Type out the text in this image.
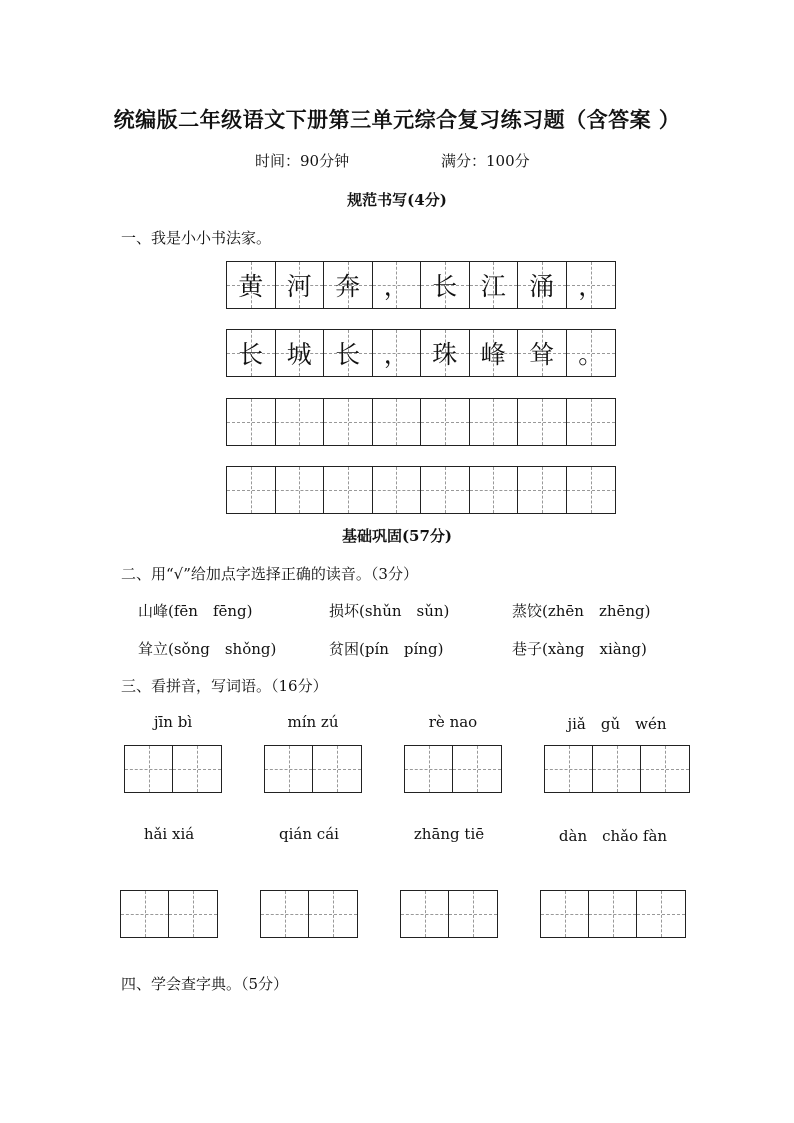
统编版二年级语文下册第三单元综合复习练习题（含答案 ）
时间：90分钟	满分：100分
规范书写(4分)
一、我是小小书法家。
黄 河 奔 ， 长 江 涌 ，
长 城 长 ， 珠 峰 耸 。
基础巩固(57分)
二、用“√”给加点字选择正确的读音。（3分）
山峰(fēn　fēng)	损坏(shǔn　sǔn)	蒸饺(zhēn　zhēng)
耸立(sǒng　shǒng)	贫困(pín　píng)	巷子(xàng　xiàng)
三、看拼音，写词语。（16分）
jīn bì	mín zú	rè nao	jiǎ　gǔ　wén
hǎi xiá	qián cái	zhāng tiē	dàn　chǎo fàn
四、学会查字典。（5分）
